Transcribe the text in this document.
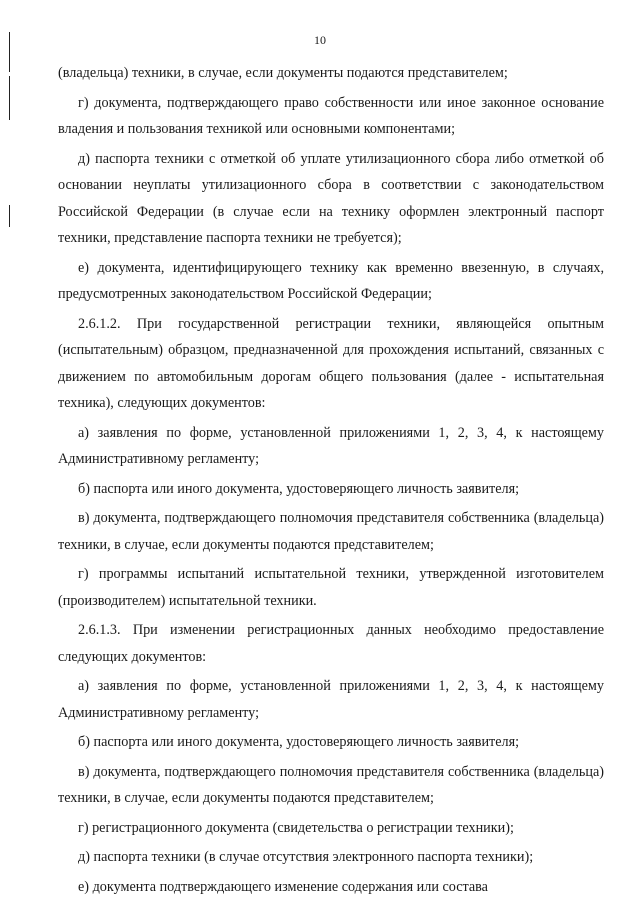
10

(владельца) техники, в случае, если документы подаются представителем;

г) документа, подтверждающего право собственности или иное законное основание владения и пользования техникой или основными компонентами;

д) паспорта техники с отметкой об уплате утилизационного сбора либо отметкой об основании неуплаты утилизационного сбора в соответствии с законодательством Российской Федерации (в случае если на технику оформлен электронный паспорт техники, представление паспорта техники не требуется);

е) документа, идентифицирующего технику как временно ввезенную, в случаях, предусмотренных законодательством Российской Федерации;

2.6.1.2. При государственной регистрации техники, являющейся опытным (испытательным) образцом, предназначенной для прохождения испытаний, связанных с движением по автомобильным дорогам общего пользования (далее - испытательная техника), следующих документов:

а) заявления по форме, установленной приложениями 1, 2, 3, 4, к настоящему Административному регламенту;

б) паспорта или иного документа, удостоверяющего личность заявителя;

в) документа, подтверждающего полномочия представителя собственника (владельца) техники, в случае, если документы подаются представителем;

г) программы испытаний испытательной техники, утвержденной изготовителем (производителем) испытательной техники.

2.6.1.3. При изменении регистрационных данных необходимо предоставление следующих документов:

а) заявления по форме, установленной приложениями 1, 2, 3, 4, к настоящему Административному регламенту;

б) паспорта или иного документа, удостоверяющего личность заявителя;

в) документа, подтверждающего полномочия представителя собственника (владельца) техники, в случае, если документы подаются представителем;

г) регистрационного документа (свидетельства о регистрации техники);

д) паспорта техники (в случае отсутствия электронного паспорта техники);

е) документа подтверждающего изменение содержания или состава
